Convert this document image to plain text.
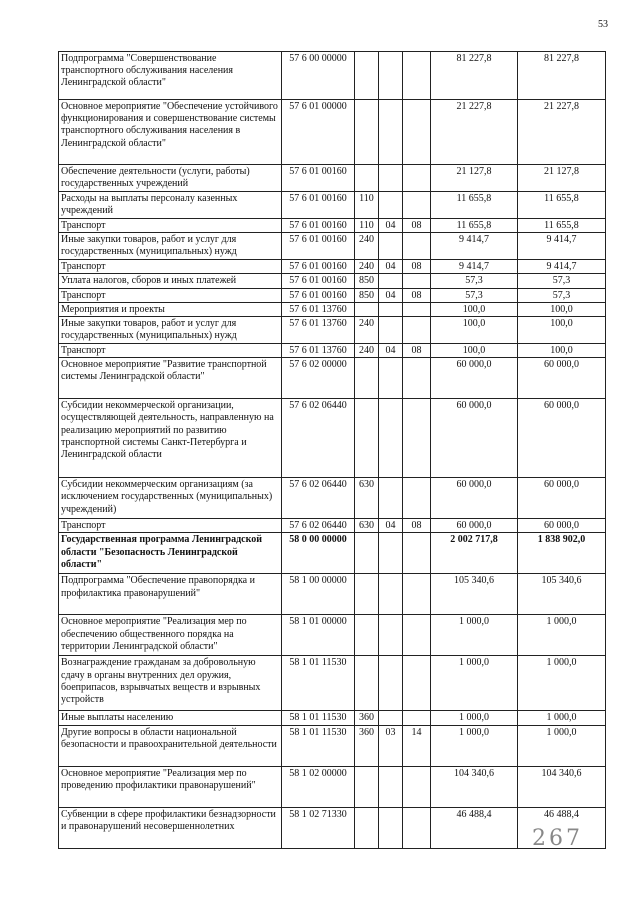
53
Подпрограмма "Совершенствование транспортного обслуживания населения Ленинградской области"	57 6 00 00000				81 227,8	81 227,8
Основное мероприятие "Обеспечение устойчивого функционирования и совершенствование системы транспортного обслуживания населения в Ленинградской области"	57 6 01 00000				21 227,8	21 227,8
Обеспечение деятельности (услуги, работы) государственных учреждений	57 6 01 00160				21 127,8	21 127,8
Расходы на выплаты персоналу казенных учреждений	57 6 01 00160	110			11 655,8	11 655,8
Транспорт	57 6 01 00160	110	04	08	11 655,8	11 655,8
Иные закупки товаров, работ и услуг для государственных (муниципальных) нужд	57 6 01 00160	240			9 414,7	9 414,7
Транспорт	57 6 01 00160	240	04	08	9 414,7	9 414,7
Уплата налогов, сборов и иных платежей	57 6 01 00160	850			57,3	57,3
Транспорт	57 6 01 00160	850	04	08	57,3	57,3
Мероприятия и проекты	57 6 01 13760				100,0	100,0
Иные закупки товаров, работ и услуг для государственных (муниципальных) нужд	57 6 01 13760	240			100,0	100,0
Транспорт	57 6 01 13760	240	04	08	100,0	100,0
Основное мероприятие "Развитие транспортной системы Ленинградской области"	57 6 02 00000				60 000,0	60 000,0
Субсидии некоммерческой организации, осуществляющей деятельность, направленную на реализацию мероприятий по развитию транспортной системы Санкт-Петербурга и Ленинградской области	57 6 02 06440				60 000,0	60 000,0
Субсидии некоммерческим организациям (за исключением государственных (муниципальных) учреждений)	57 6 02 06440	630			60 000,0	60 000,0
Транспорт	57 6 02 06440	630	04	08	60 000,0	60 000,0
Государственная программа Ленинградской области "Безопасность Ленинградской области"	58 0 00 00000				2 002 717,8	1 838 902,0
Подпрограмма "Обеспечение правопорядка и профилактика правонарушений"	58 1 00 00000				105 340,6	105 340,6
Основное мероприятие "Реализация мер по обеспечению общественного порядка на территории Ленинградской области"	58 1 01 00000				1 000,0	1 000,0
Вознаграждение гражданам за добровольную сдачу в органы внутренних дел оружия, боеприпасов, взрывчатых веществ и взрывных устройств	58 1 01 11530				1 000,0	1 000,0
Иные выплаты населению	58 1 01 11530	360			1 000,0	1 000,0
Другие вопросы в области национальной безопасности и правоохранительной деятельности	58 1 01 11530	360	03	14	1 000,0	1 000,0
Основное мероприятие "Реализация мер по проведению профилактики правонарушений"	58 1 02 00000				104 340,6	104 340,6
Субвенции в сфере профилактики безнадзорности и правонарушений несовершеннолетних	58 1 02 71330				46 488,4	46 488,4
267
